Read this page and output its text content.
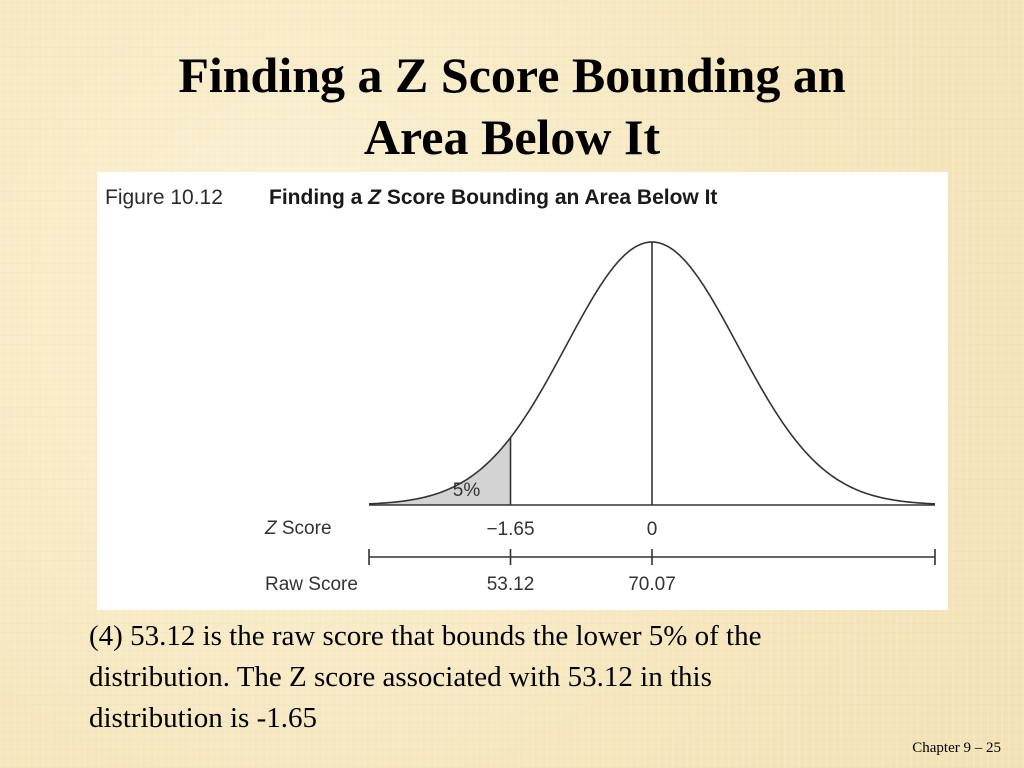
Finding a Z Score Bounding an
Area Below It
Figure 10.12 Finding a Z Score Bounding an Area Below It
5%
Z Score	−1.65	0
Raw Score	53.12	70.07

(4) 53.12 is the raw score that bounds the lower 5% of the
distribution. The Z score associated with 53.12 in this
distribution is -1.65

Chapter 9 – 25
